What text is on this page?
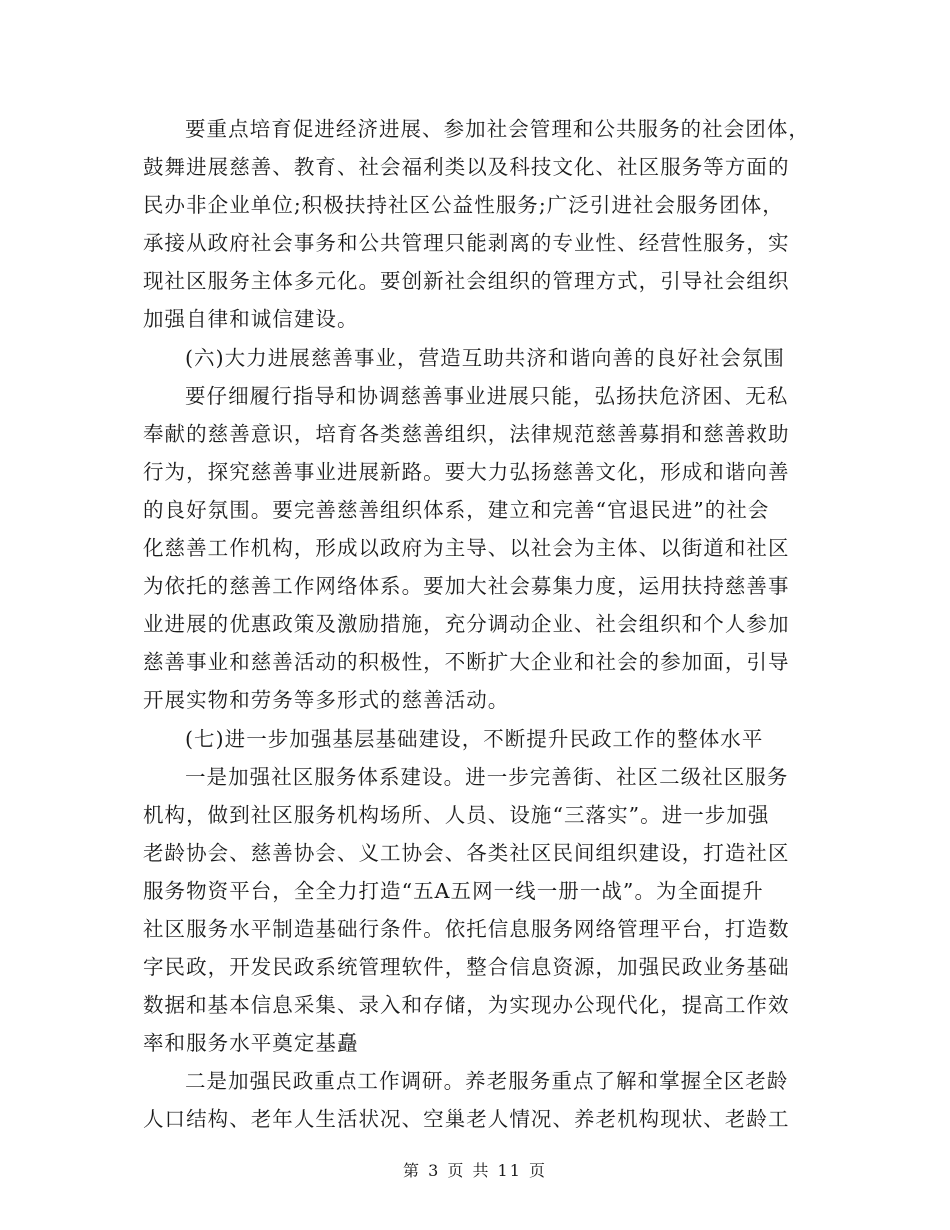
要重点培育促进经济进展、参加社会管理和公共服务的社会团体，
鼓舞进展慈善、教育、社会福利类以及科技文化、社区服务等方面的
民办非企业单位;积极扶持社区公益性服务;广泛引进社会服务团体，
承接从政府社会事务和公共管理只能剥离的专业性、经营性服务，实
现社区服务主体多元化。要创新社会组织的管理方式，引导社会组织
加强自律和诚信建设。
(六)大力进展慈善事业，营造互助共济和谐向善的良好社会氛围
要仔细履行指导和协调慈善事业进展只能，弘扬扶危济困、无私
奉献的慈善意识，培育各类慈善组织，法律规范慈善募捐和慈善救助
行为，探究慈善事业进展新路。要大力弘扬慈善文化，形成和谐向善
的良好氛围。要完善慈善组织体系，建立和完善“官退民进”的社会
化慈善工作机构，形成以政府为主导、以社会为主体、以街道和社区
为依托的慈善工作网络体系。要加大社会募集力度，运用扶持慈善事
业进展的优惠政策及激励措施，充分调动企业、社会组织和个人参加
慈善事业和慈善活动的积极性，不断扩大企业和社会的参加面，引导
开展实物和劳务等多形式的慈善活动。
(七)进一步加强基层基础建设，不断提升民政工作的整体水平
一是加强社区服务体系建设。进一步完善街、社区二级社区服务
机构，做到社区服务机构场所、人员、设施“三落实”。进一步加强
老龄协会、慈善协会、义工协会、各类社区民间组织建设，打造社区
服务物资平台，全全力打造“五A五网一线一册一战”。为全面提升
社区服务水平制造基础行条件。依托信息服务网络管理平台，打造数
字民政，开发民政系统管理软件，整合信息资源，加强民政业务基础
数据和基本信息采集、录入和存储，为实现办公现代化，提高工作效
率和服务水平奠定基矗
二是加强民政重点工作调研。养老服务重点了解和掌握全区老龄
人口结构、老年人生活状况、空巢老人情况、养老机构现状、老龄工
第 3 页 共 11 页
